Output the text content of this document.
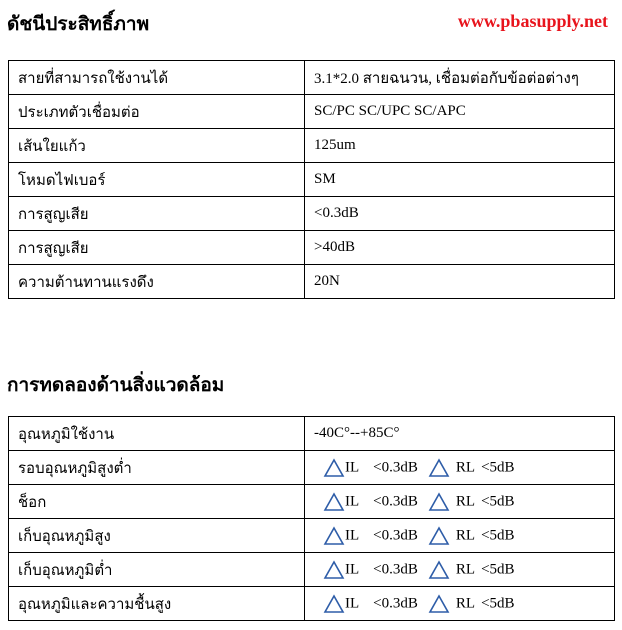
ดัชนีประสิทธิ์ภาพ	www.pbasupply.net
สายที่สามารถใช้งานได้	3.1*2.0 สายฉนวน, เชื่อมต่อกับข้อต่อต่างๆ
ประเภทตัวเชื่อมต่อ	SC/PC SC/UPC SC/APC
เส้นใยแก้ว	125um
โหมดไฟเบอร์	SM
การสูญเสีย	<0.3dB
การสูญเสีย	>40dB
ความต้านทานแรงดึง	20N
การทดลองด้านสิ่งแวดล้อม
อุณหภูมิใช้งาน	-40C°--+85C°
รอบอุณหภูมิสูงต่ำ	IL <0.3dB RL <5dB
ช็อก	IL <0.3dB RL <5dB
เก็บอุณหภูมิสูง	IL <0.3dB RL <5dB
เก็บอุณหภูมิต่ำ	IL <0.3dB RL <5dB
อุณหภูมิและความชื้นสูง	IL <0.3dB RL <5dB
